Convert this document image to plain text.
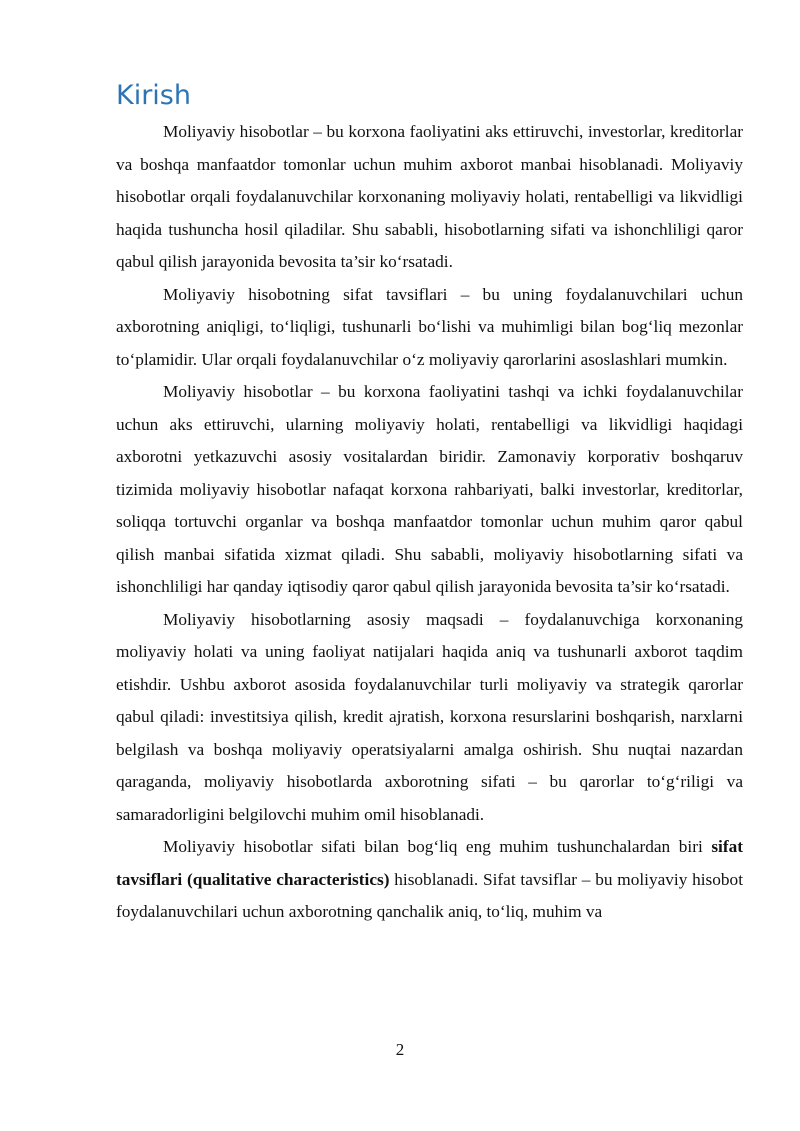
Kirish

Moliyaviy hisobotlar – bu korxona faoliyatini aks ettiruvchi, investorlar, kreditorlar va boshqa manfaatdor tomonlar uchun muhim axborot manbai hisoblanadi. Moliyaviy hisobotlar orqali foydalanuvchilar korxonaning moliyaviy holati, rentabelligi va likvidligi haqida tushuncha hosil qiladilar. Shu sababli, hisobotlarning sifati va ishonchliligi qaror qabul qilish jarayonida bevosita ta’sir ko‘rsatadi.

Moliyaviy hisobotning sifat tavsiflari – bu uning foydalanuvchilari uchun axborotning aniqligi, to‘liqligi, tushunarli bo‘lishi va muhimligi bilan bog‘liq mezonlar to‘plamidir. Ular orqali foydalanuvchilar o‘z moliyaviy qarorlarini asoslashlari mumkin.

Moliyaviy hisobotlar – bu korxona faoliyatini tashqi va ichki foydalanuvchilar uchun aks ettiruvchi, ularning moliyaviy holati, rentabelligi va likvidligi haqidagi axborotni yetkazuvchi asosiy vositalardan biridir. Zamonaviy korporativ boshqaruv tizimida moliyaviy hisobotlar nafaqat korxona rahbariyati, balki investorlar, kreditorlar, soliqqa tortuvchi organlar va boshqa manfaatdor tomonlar uchun muhim qaror qabul qilish manbai sifatida xizmat qiladi. Shu sababli, moliyaviy hisobotlarning sifati va ishonchliligi har qanday iqtisodiy qaror qabul qilish jarayonida bevosita ta’sir ko‘rsatadi.

Moliyaviy hisobotlarning asosiy maqsadi – foydalanuvchiga korxonaning moliyaviy holati va uning faoliyat natijalari haqida aniq va tushunarli axborot taqdim etishdir. Ushbu axborot asosida foydalanuvchilar turli moliyaviy va strategik qarorlar qabul qiladi: investitsiya qilish, kredit ajratish, korxona resurslarini boshqarish, narxlarni belgilash va boshqa moliyaviy operatsiyalarni amalga oshirish. Shu nuqtai nazardan qaraganda, moliyaviy hisobotlarda axborotning sifati – bu qarorlar to‘g‘riligi va samaradorligini belgilovchi muhim omil hisoblanadi.

Moliyaviy hisobotlar sifati bilan bog‘liq eng muhim tushunchalardan biri sifat tavsiflari (qualitative characteristics) hisoblanadi. Sifat tavsiflar – bu moliyaviy hisobot foydalanuvchilari uchun axborotning qanchalik aniq, to‘liq, muhim va

2
